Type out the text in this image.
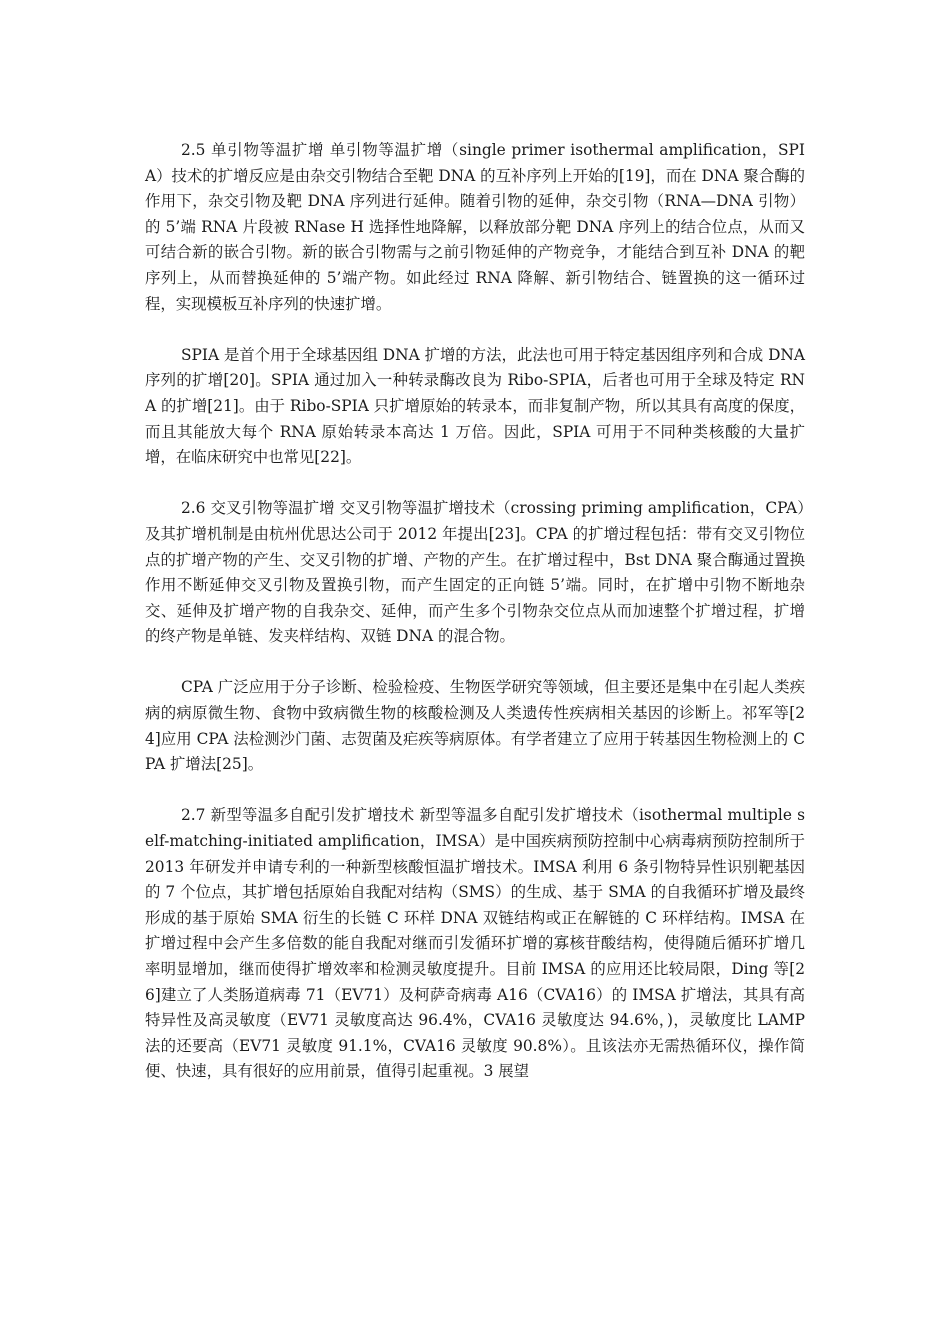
2.5 单引物等温扩增 单引物等温扩增（single primer isothermal amplification，SPIA）技术的扩增反应是由杂交引物结合至靶 DNA 的互补序列上开始的[19]，而在 DNA 聚合酶的作用下，杂交引物及靶 DNA 序列进行延伸。随着引物的延伸，杂交引物（RNA—DNA 引物）的 5’端 RNA 片段被 RNase H 选择性地降解，以释放部分靶 DNA 序列上的结合位点，从而又可结合新的嵌合引物。新的嵌合引物需与之前引物延伸的产物竞争，才能结合到互补 DNA 的靶序列上，从而替换延伸的 5’端产物。如此经过 RNA 降解、新引物结合、链置换的这一循环过程，实现模板互补序列的快速扩增。

SPIA 是首个用于全球基因组 DNA 扩增的方法，此法也可用于特定基因组序列和合成 DNA 序列的扩增[20]。SPIA 通过加入一种转录酶改良为 Ribo-SPIA，后者也可用于全球及特定 RNA 的扩增[21]。由于 Ribo-SPIA 只扩增原始的转录本，而非复制产物，所以其具有高度的保度，而且其能放大每个 RNA 原始转录本高达 1 万倍。因此，SPIA 可用于不同种类核酸的大量扩增，在临床研究中也常见[22]。

2.6 交叉引物等温扩增 交叉引物等温扩增技术（crossing priming amplification，CPA）及其扩增机制是由杭州优思达公司于 2012 年提出[23]。CPA 的扩增过程包括：带有交叉引物位点的扩增产物的产生、交叉引物的扩增、产物的产生。在扩增过程中，Bst DNA 聚合酶通过置换作用不断延伸交叉引物及置换引物，而产生固定的正向链 5’端。同时，在扩增中引物不断地杂交、延伸及扩增产物的自我杂交、延伸，而产生多个引物杂交位点从而加速整个扩增过程，扩增的终产物是单链、发夹样结构、双链 DNA 的混合物。

CPA 广泛应用于分子诊断、检验检疫、生物医学研究等领域，但主要还是集中在引起人类疾病的病原微生物、食物中致病微生物的核酸检测及人类遗传性疾病相关基因的诊断上。祁军等[24]应用 CPA 法检测沙门菌、志贺菌及疟疾等病原体。有学者建立了应用于转基因生物检测上的 CPA 扩增法[25]。

2.7 新型等温多自配引发扩增技术 新型等温多自配引发扩增技术（isothermal multiple self-matching-initiated amplification，IMSA）是中国疾病预防控制中心病毒病预防控制所于 2013 年研发并申请专利的一种新型核酸恒温扩增技术。IMSA 利用 6 条引物特异性识别靶基因的 7 个位点，其扩增包括原始自我配对结构（SMS）的生成、基于 SMA 的自我循环扩增及最终形成的基于原始 SMA 衍生的长链 C 环样 DNA 双链结构或正在解链的 C 环样结构。IMSA 在扩增过程中会产生多倍数的能自我配对继而引发循环扩增的寡核苷酸结构，使得随后循环扩增几率明显增加，继而使得扩增效率和检测灵敏度提升。目前 IMSA 的应用还比较局限，Ding 等[26]建立了人类肠道病毒 71（EV71）及柯萨奇病毒 A16（CVA16）的 IMSA 扩增法，其具有高特异性及高灵敏度（EV71 灵敏度高达 96.4%，CVA16 灵敏度达 94.6%，)，灵敏度比 LAMP 法的还要高（EV71 灵敏度 91.1%，CVA16 灵敏度 90.8%）。且该法亦无需热循环仪，操作简便、快速，具有很好的应用前景，值得引起重视。3 展望
